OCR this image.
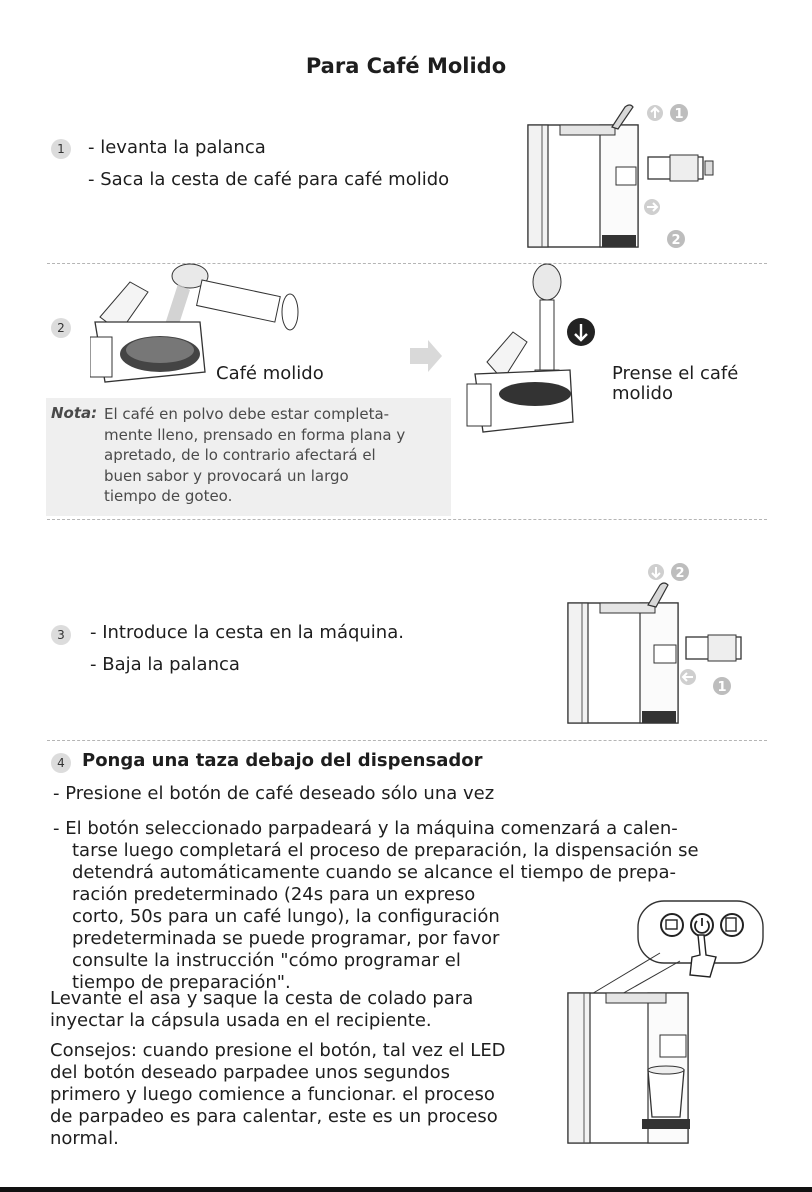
Para Café Molido
1	- levanta la palanca
- Saca la cesta de café para café molido
1
2
2
Café molido	Prense el café
molido
Nota: El café en polvo debe estar completa-
mente lleno, prensado en forma plana y
apretado, de lo contrario afectará el
buen sabor y provocará un largo
tiempo de goteo.
3	- Introduce la cesta en la máquina.
- Baja la palanca
2
1
4 Ponga una taza debajo del dispensador
- Presione el botón de café deseado sólo una vez
- El botón seleccionado parpadeará y la máquina comenzará a calen-
tarse luego completará el proceso de preparación, la dispensación se
detendrá automáticamente cuando se alcance el tiempo de prepa-
ración predeterminado (24s para un expreso
corto, 50s para un café lungo), la configuración
predeterminada se puede programar, por favor
consulte la instrucción "cómo programar el
tiempo de preparación".
Levante el asa y saque la cesta de colado para
inyectar la cápsula usada en el recipiente.
Consejos: cuando presione el botón, tal vez el LED
del botón deseado parpadee unos segundos
primero y luego comience a funcionar. el proceso
de parpadeo es para calentar, este es un proceso
normal.
